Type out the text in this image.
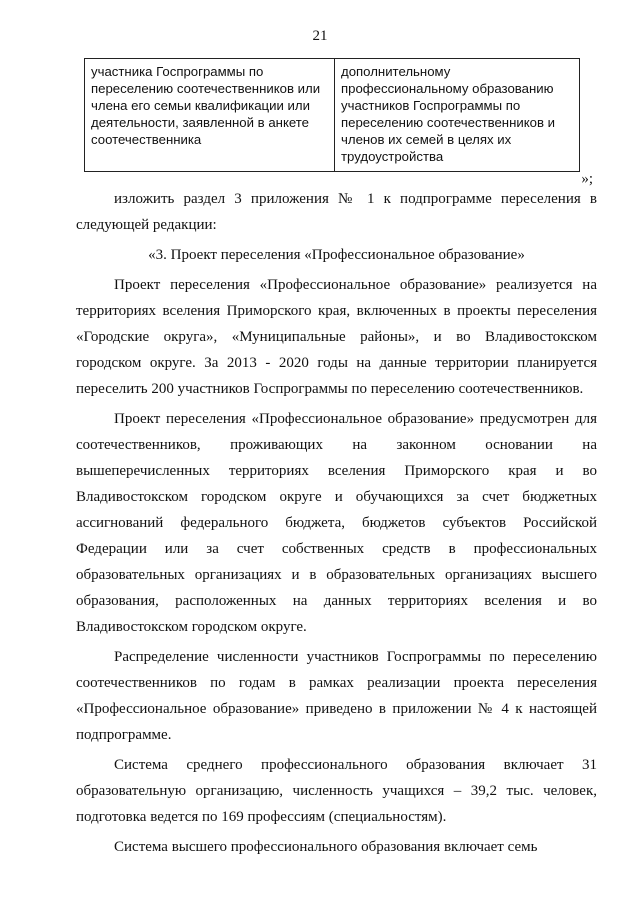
21
участника Госпрограммы по переселению соотечественников или члена его семьи квалификации или деятельности, заявленной в анкете соотечественника	дополнительному профессиональному образованию участников Госпрограммы по переселению соотечественников и членов их семей в целях их трудоустройства
»;

изложить раздел 3 приложения № 1 к подпрограмме переселения в следующей редакции:

«3. Проект переселения «Профессиональное образование»

Проект переселения «Профессиональное образование» реализуется на территориях вселения Приморского края, включенных в проекты переселения «Городские округа», «Муниципальные районы», и во Владивостокском городском округе. За 2013 - 2020 годы на данные территории планируется переселить 200 участников Госпрограммы по переселению соотечественников.

Проект переселения «Профессиональное образование» предусмотрен для соотечественников, проживающих на законном основании на вышеперечисленных территориях вселения Приморского края и во Владивостокском городском округе и обучающихся за счет бюджетных ассигнований федерального бюджета, бюджетов субъектов Российской Федерации или за счет собственных средств в профессиональных образовательных организациях и в образовательных организациях высшего образования, расположенных на данных территориях вселения и во Владивостокском городском округе.

Распределение численности участников Госпрограммы по переселению соотечественников по годам в рамках реализации проекта переселения «Профессиональное образование» приведено в приложении № 4 к настоящей подпрограмме.

Система среднего профессионального образования включает 31 образовательную организацию, численность учащихся – 39,2 тыс. человек, подготовка ведется по 169 профессиям (специальностям).

Система высшего профессионального образования включает семь
